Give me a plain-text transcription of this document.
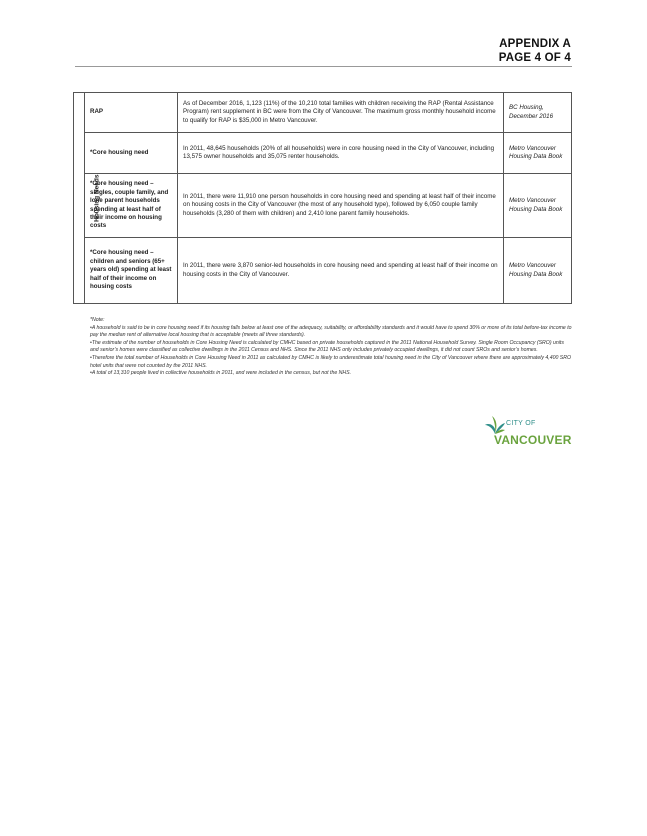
APPENDIX A
PAGE 4 OF 4
Housing Needs	RAP	As of December 2016, 1,123 (11%) of the 10,210 total families with children receiving the RAP (Rental Assistance Program) rent supplement in BC were from the City of Vancouver. The maximum gross monthly household income to qualify for RAP is $35,000 in Metro Vancouver.	BC Housing, December 2016
	*Core housing need	In 2011, 48,645 households (20% of all households) were in core housing need in the City of Vancouver, including 13,575 owner households and 35,075 renter households.	Metro Vancouver Housing Data Book
	*Core housing need – singles, couple family, and lone parent households spending at least half of their income on housing costs	In 2011, there were 11,910 one person households in core housing need and spending at least half of their income on housing costs in the City of Vancouver (the most of any household type), followed by 6,050 couple family households (3,280 of them with children) and 2,410 lone parent family households.	Metro Vancouver Housing Data Book
	*Core housing need – children and seniors (65+ years old) spending at least half of their income on housing costs	In 2011, there were 3,870 senior-led households in core housing need and spending at least half of their income on housing costs in the City of Vancouver.	Metro Vancouver Housing Data Book

*Note:

•A household is said to be in core housing need if its housing falls below at least one of the adequacy, suitability, or affordability standards and it would have to spend 30% or more of its total before-tax income to pay the median rent of alternative local housing that is acceptable (meets all three standards).

•The estimate of the number of households in Core Housing Need is calculated by CMHC based on private households captured in the 2011 National Household Survey. Single Room Occupancy (SRO) units and senior’s homes were classified as collective dwellings in the 2011 Census and NHS. Since the 2011 NHS only includes privately occupied dwellings, it did not count SROs and senior’s homes.

•Therefore the total number of Households in Core Housing Need in 2011 as calculated by CMHC is likely to underestimate total housing need in the City of Vancouver where there are approximately 4,400 SRO hotel units that were not counted by the 2011 NHS.

•A total of 13,310 people lived in collective households in 2011, and were included in the census, but not the NHS.

CITY OF
VANCOUVER
